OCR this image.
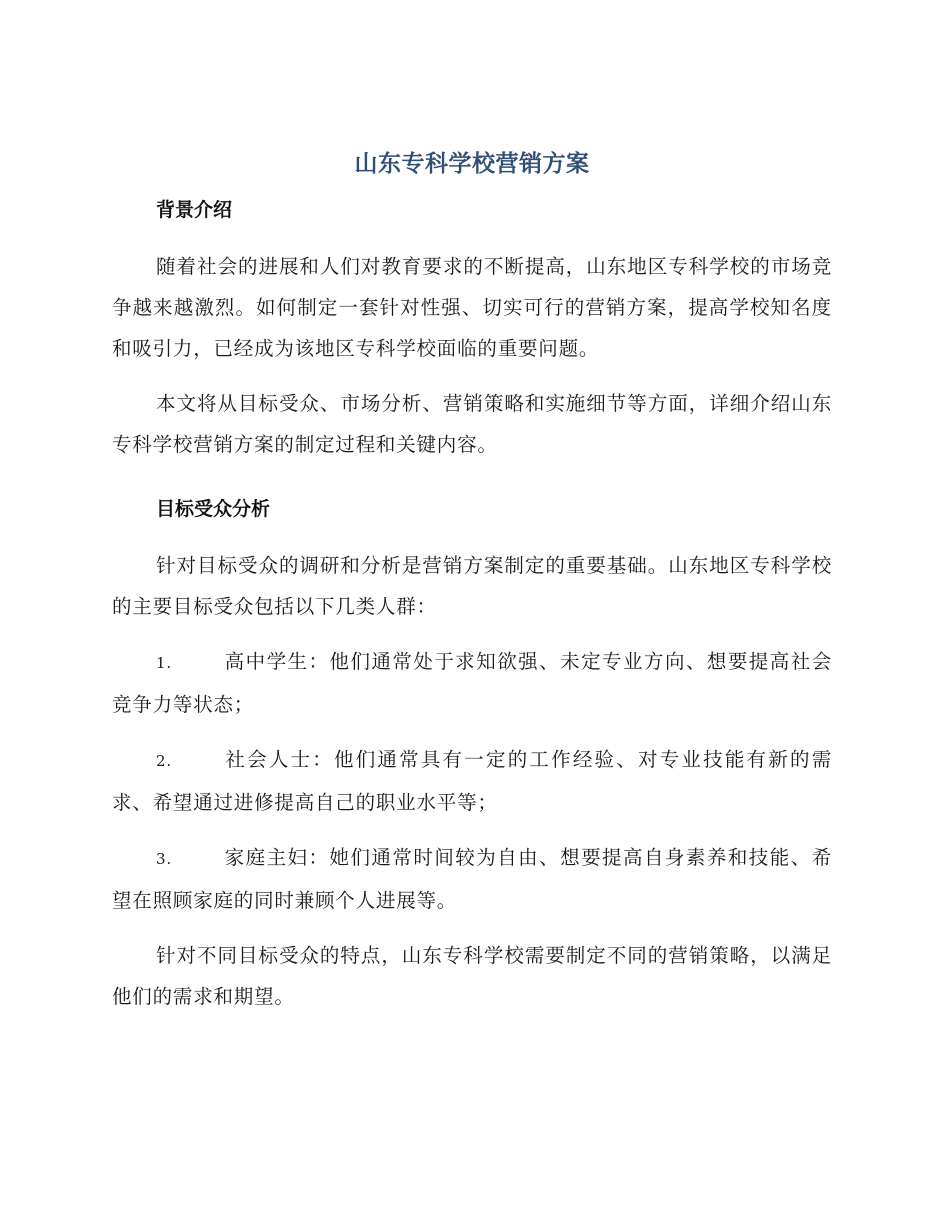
山东专科学校营销方案
背景介绍

随着社会的进展和人们对教育要求的不断提高，山东地区专科学校的市场竞争越来越激烈。如何制定一套针对性强、切实可行的营销方案，提高学校知名度和吸引力，已经成为该地区专科学校面临的重要问题。

本文将从目标受众、市场分析、营销策略和实施细节等方面，详细介绍山东专科学校营销方案的制定过程和关键内容。

目标受众分析

针对目标受众的调研和分析是营销方案制定的重要基础。山东地区专科学校的主要目标受众包括以下几类人群：

1.	高中学生：他们通常处于求知欲强、未定专业方向、想要提高社会竞争力等状态；
2.	社会人士：他们通常具有一定的工作经验、对专业技能有新的需求、希望通过进修提高自己的职业水平等；
3.	家庭主妇：她们通常时间较为自由、想要提高自身素养和技能、希望在照顾家庭的同时兼顾个人进展等。

针对不同目标受众的特点，山东专科学校需要制定不同的营销策略，以满足他们的需求和期望。
